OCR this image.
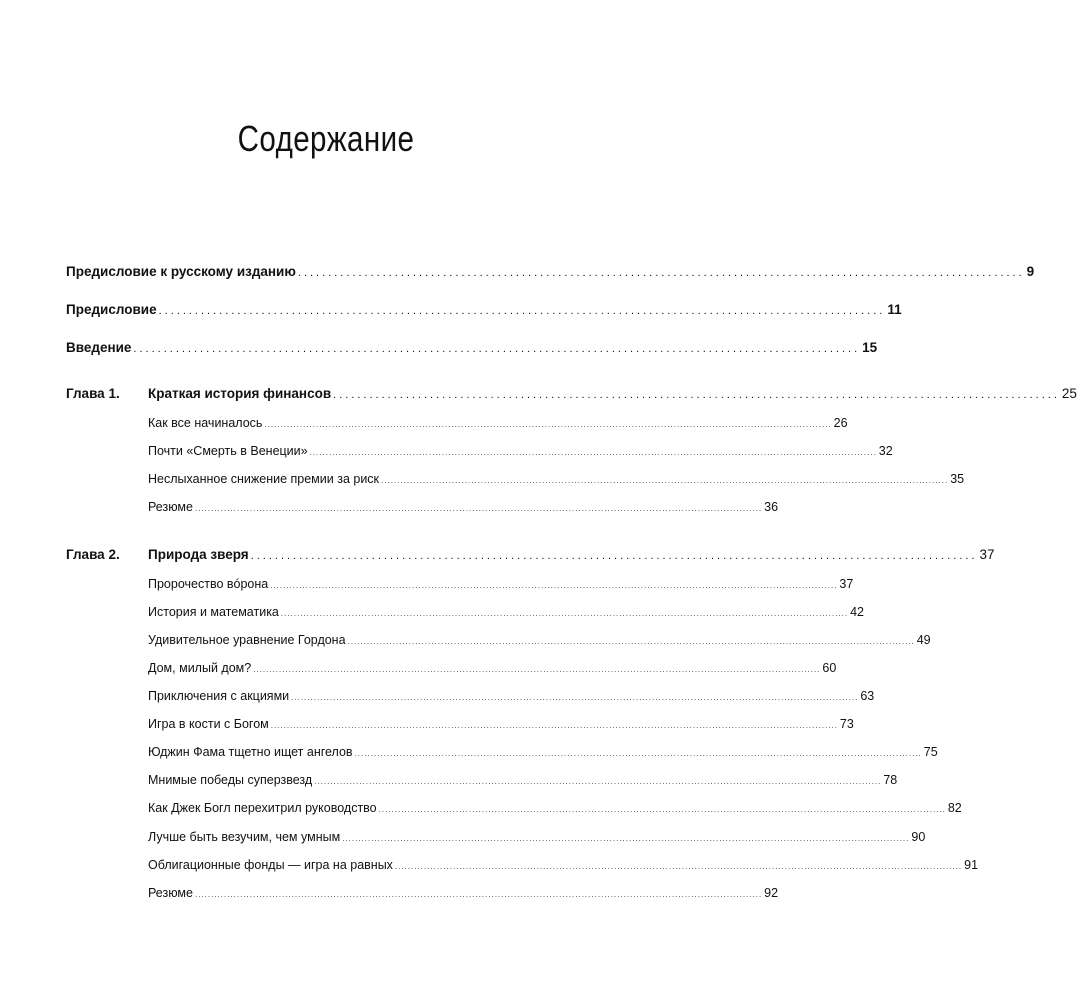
Содержание
Предисловие к русскому изданию ........................................................................................................................ 9
Предисловие ........................................................................................................................ 11
Введение ........................................................................................................................ 15
Глава 1. Краткая история финансов ........................................................................................................................ 25
Как все начиналось ................................................................................................................................................................................ 26
Почти «Смерть в Венеции» ................................................................................................................................................................................ 32
Неслыханное снижение премии за риск ................................................................................................................................................................................ 35
Резюме ................................................................................................................................................................................ 36
Глава 2. Природа зверя ........................................................................................................................ 37
Пророчество вóрона ................................................................................................................................................................................ 37
История и математика ................................................................................................................................................................................ 42
Удивительное уравнение Гордона ................................................................................................................................................................................ 49
Дом, милый дом? ................................................................................................................................................................................ 60
Приключения с акциями ................................................................................................................................................................................ 63
Игра в кости с Богом ................................................................................................................................................................................ 73
Юджин Фама тщетно ищет ангелов ................................................................................................................................................................................ 75
Мнимые победы суперзвезд ................................................................................................................................................................................ 78
Как Джек Богл перехитрил руководство ................................................................................................................................................................................ 82
Лучше быть везучим, чем умным ................................................................................................................................................................................ 90
Облигационные фонды — игра на равных ................................................................................................................................................................................ 91
Резюме ................................................................................................................................................................................ 92
